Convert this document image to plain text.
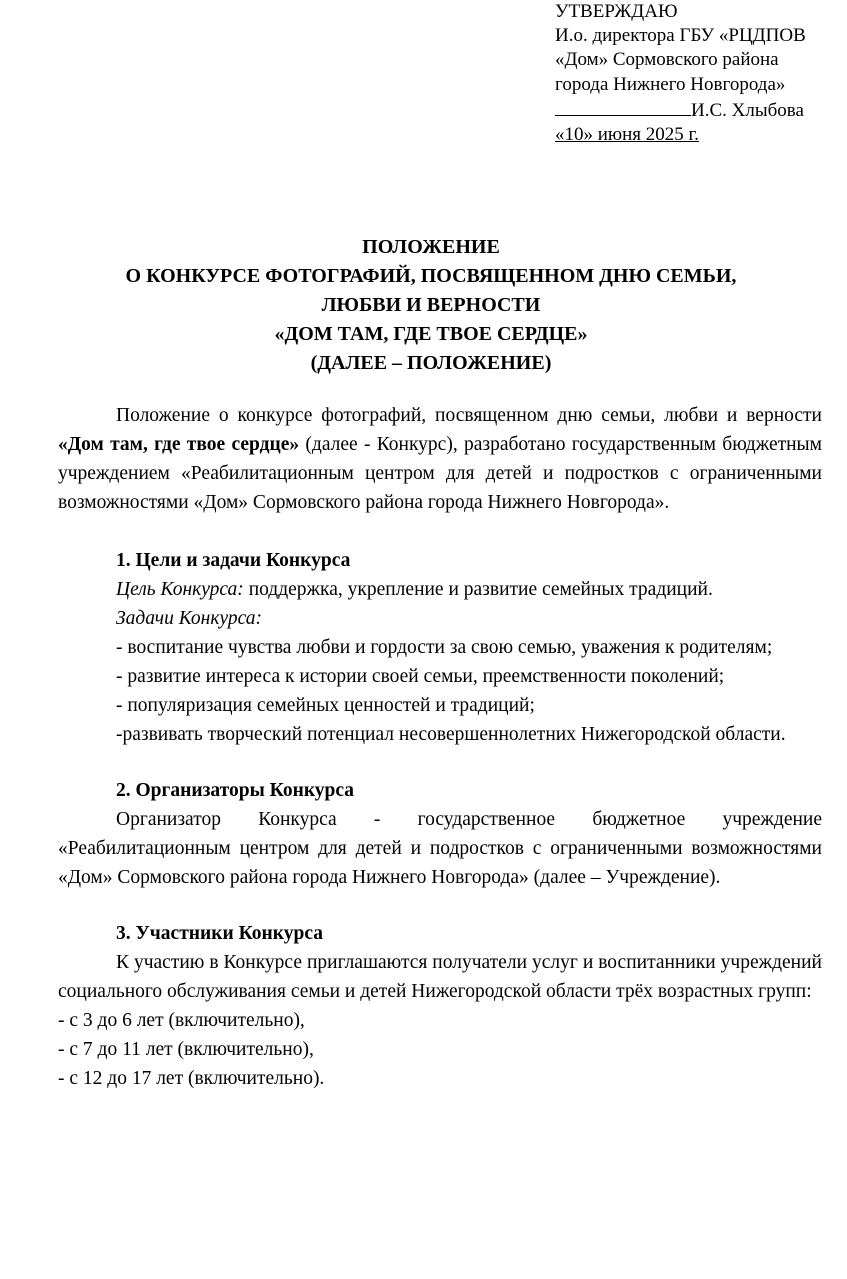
УТВЕРЖДАЮ
И.о. директора ГБУ «РЦДПОВ
«Дом» Сормовского района
города Нижнего Новгорода»
И.С. Хлыбова
«10» июня 2025 г.
ПОЛОЖЕНИЕ
О КОНКУРСЕ ФОТОГРАФИЙ, ПОСВЯЩЕННОМ ДНЮ СЕМЬИ,
ЛЮБВИ И ВЕРНОСТИ
«ДОМ ТАМ, ГДЕ ТВОЕ СЕРДЦЕ»
(ДАЛЕЕ – ПОЛОЖЕНИЕ)

Положение о конкурсе фотографий, посвященном дню семьи, любви и верности «Дом там, где твое сердце» (далее - Конкурс), разработано государственным бюджетным учреждением «Реабилитационным центром для детей и подростков с ограниченными возможностями «Дом» Сормовского района города Нижнего Новгорода».

1. Цели и задачи Конкурса

Цель Конкурса: поддержка, укрепление и развитие семейных традиций.

Задачи Конкурса:

- воспитание чувства любви и гордости за свою семью, уважения к родителям;

- развитие интереса к истории своей семьи, преемственности поколений;

- популяризация семейных ценностей и традиций;

-развивать творческий потенциал несовершеннолетних Нижегородской области.

2. Организаторы Конкурса

Организатор Конкурса - государственное бюджетное учреждение «Реабилитационным центром для детей и подростков с ограниченными возможностями «Дом» Сормовского района города Нижнего Новгорода» (далее – Учреждение).

3. Участники Конкурса

К участию в Конкурсе приглашаются получатели услуг и воспитанники учреждений социального обслуживания семьи и детей Нижегородской области трёх возрастных групп:

- с 3 до 6 лет (включительно),

- с 7 до 11 лет (включительно),

- с 12 до 17 лет (включительно).
